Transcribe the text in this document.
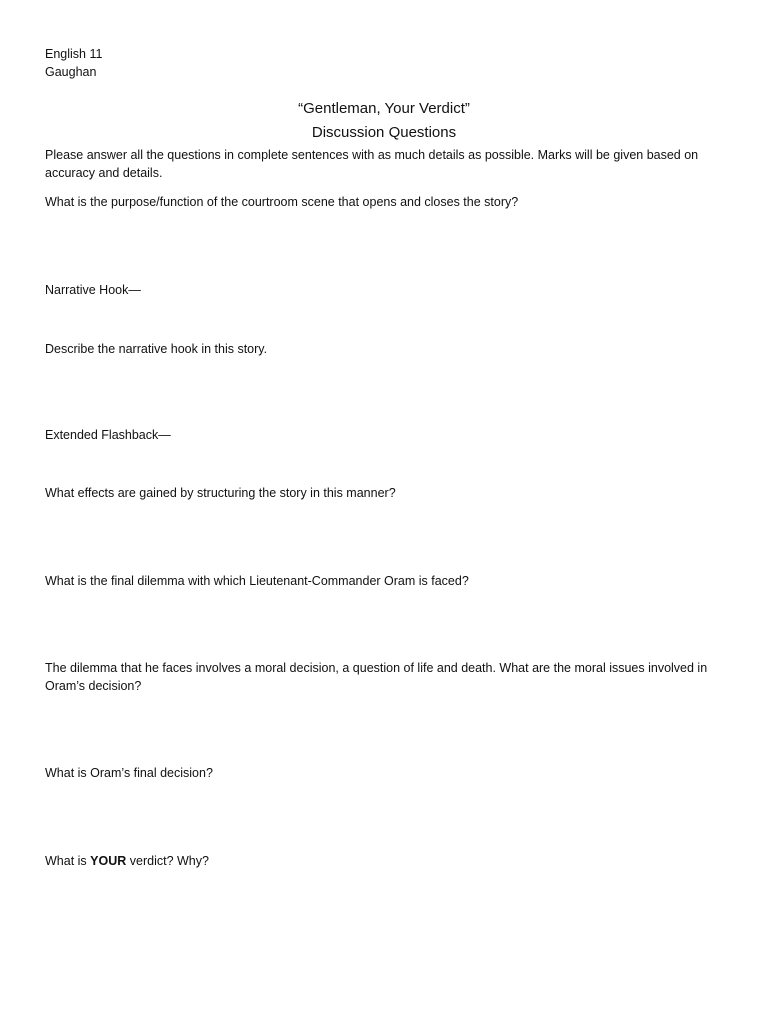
English 11

Gaughan

“Gentleman, Your Verdict”
Discussion Questions

Please answer all the questions in complete sentences with as much details as possible. Marks will be given based on accuracy and details.

What is the purpose/function of the courtroom scene that opens and closes the story?

Narrative Hook—

Describe the narrative hook in this story.

Extended Flashback—

What effects are gained by structuring the story in this manner?

What is the final dilemma with which Lieutenant-Commander Oram is faced?

The dilemma that he faces involves a moral decision, a question of life and death. What are the moral issues involved in Oram’s decision?

What is Oram’s final decision?

What is YOUR verdict? Why?
